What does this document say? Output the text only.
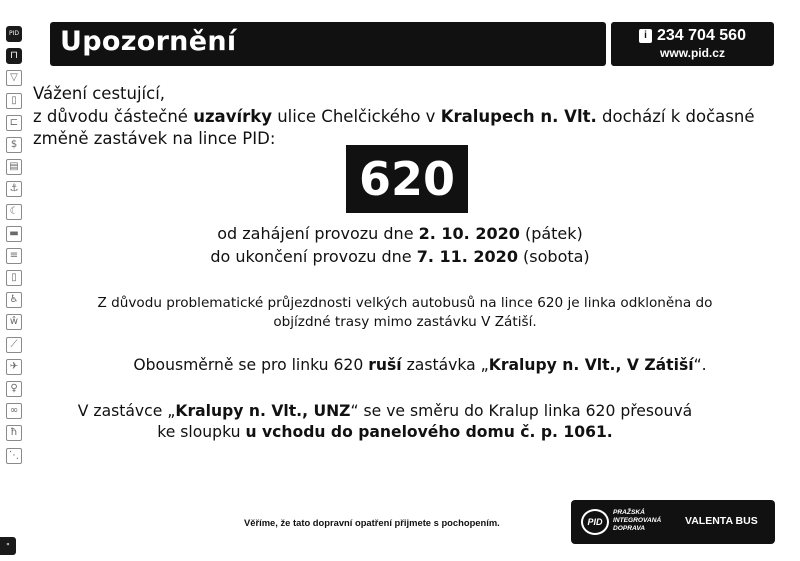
PID
⊓
▽
▯
⊏
$
▤
⚓
☾
▬
≡
▯
♿
ŵ
⟋
✈
♀
∞
ħ
⋱
"
Upozornění	i 234 704 560
www.pid.cz
Vážení cestující,
z důvodu částečné uzavírky ulice Chelčického v Kralupech n. Vlt. dochází k dočasné
změně zastávek na lince PID:
620
od zahájení provozu dne 2. 10. 2020 (pátek)
do ukončení provozu dne 7. 11. 2020 (sobota)
Z důvodu problematické průjezdnosti velkých autobusů na lince 620 je linka odkloněna do
objízdné trasy mimo zastávku V Zátiší.
Obousměrně se pro linku 620 ruší zastávka „Kralupy n. Vlt., V Zátiší“.
V zastávce „Kralupy n. Vlt., UNZ“ se ve směru do Kralup linka 620 přesouvá
ke sloupku u vchodu do panelového domu č. p. 1061.
Věříme, že tato dopravní opatření přijmete s pochopením.	PID
PRAŽSKÁ
INTEGROVANÁ
DOPRAVA
VALENTA BUS
